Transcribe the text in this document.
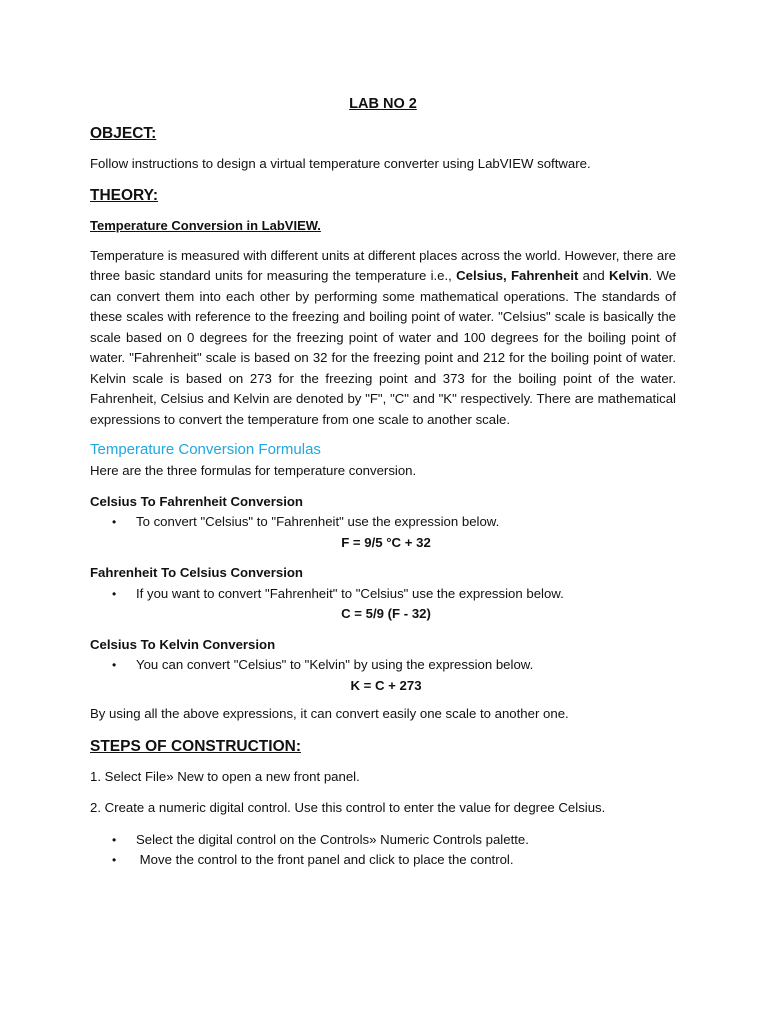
LAB NO 2
OBJECT:

Follow instructions to design a virtual temperature converter using LabVIEW software.

THEORY:
Temperature Conversion in LabVIEW.

Temperature is measured with different units at different places across the world. However, there are three basic standard units for measuring the temperature i.e., Celsius, Fahrenheit and Kelvin. We can convert them into each other by performing some mathematical operations. The standards of these scales with reference to the freezing and boiling point of water. "Celsius" scale is basically the scale based on 0 degrees for the freezing point of water and 100 degrees for the boiling point of water. "Fahrenheit" scale is based on 32 for the freezing point and 212 for the boiling point of water. Kelvin scale is based on 273 for the freezing point and 373 for the boiling point of the water. Fahrenheit, Celsius and Kelvin are denoted by "F", "C" and "K" respectively. There are mathematical expressions to convert the temperature from one scale to another scale.

Temperature Conversion Formulas
Here are the three formulas for temperature conversion.
Celsius To Fahrenheit Conversion
• To convert "Celsius" to "Fahrenheit" use the expression below.
F = 9/5 °C + 32
Fahrenheit To Celsius Conversion
• If you want to convert "Fahrenheit" to "Celsius" use the expression below.
C = 5/9 (F - 32)
Celsius To Kelvin Conversion
• You can convert "Celsius" to "Kelvin" by using the expression below.
K = C + 273

By using all the above expressions, it can convert easily one scale to another one.

STEPS OF CONSTRUCTION:

1. Select File» New to open a new front panel.

2. Create a numeric digital control. Use this control to enter the value for degree Celsius.

• Select the digital control on the Controls» Numeric Controls palette.
• Move the control to the front panel and click to place the control.
